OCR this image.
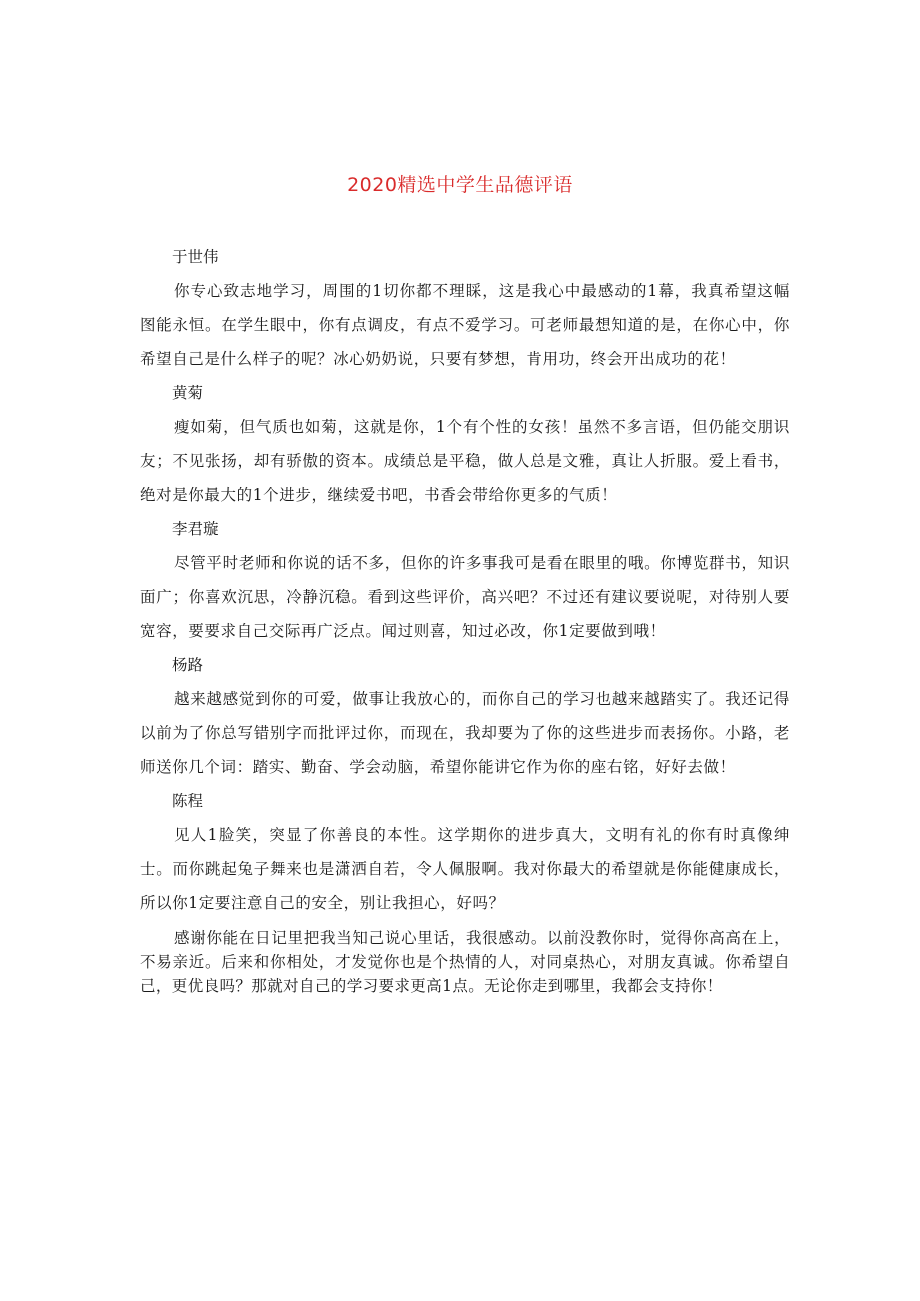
2020精选中学生品德评语

于世伟

你专心致志地学习，周围的1切你都不理睬，这是我心中最感动的1幕，我真希望这幅图能永恒。在学生眼中，你有点调皮，有点不爱学习。可老师最想知道的是，在你心中，你希望自己是什么样子的呢？冰心奶奶说，只要有梦想，肯用功，终会开出成功的花！

黄菊

瘦如菊，但气质也如菊，这就是你，1个有个性的女孩！虽然不多言语，但仍能交朋识友；不见张扬，却有骄傲的资本。成绩总是平稳，做人总是文雅，真让人折服。爱上看书，绝对是你最大的1个进步，继续爱书吧，书香会带给你更多的气质！

李君璇

尽管平时老师和你说的话不多，但你的许多事我可是看在眼里的哦。你博览群书，知识面广；你喜欢沉思，冷静沉稳。看到这些评价，高兴吧？不过还有建议要说呢，对待别人要宽容，要要求自己交际再广泛点。闻过则喜，知过必改，你1定要做到哦！

杨路

越来越感觉到你的可爱，做事让我放心的，而你自己的学习也越来越踏实了。我还记得以前为了你总写错别字而批评过你，而现在，我却要为了你的这些进步而表扬你。小路，老师送你几个词：踏实、勤奋、学会动脑，希望你能讲它作为你的座右铭，好好去做！

陈程

见人1脸笑，突显了你善良的本性。这学期你的进步真大，文明有礼的你有时真像绅士。而你跳起兔子舞来也是潇洒自若，令人佩服啊。我对你最大的希望就是你能健康成长，所以你1定要注意自己的安全，别让我担心，好吗？

感谢你能在日记里把我当知己说心里话，我很感动。以前没教你时，觉得你高高在上，不易亲近。后来和你相处，才发觉你也是个热情的人，对同桌热心，对朋友真诚。你希望自己，更优良吗？那就对自己的学习要求更高1点。无论你走到哪里，我都会支持你！
